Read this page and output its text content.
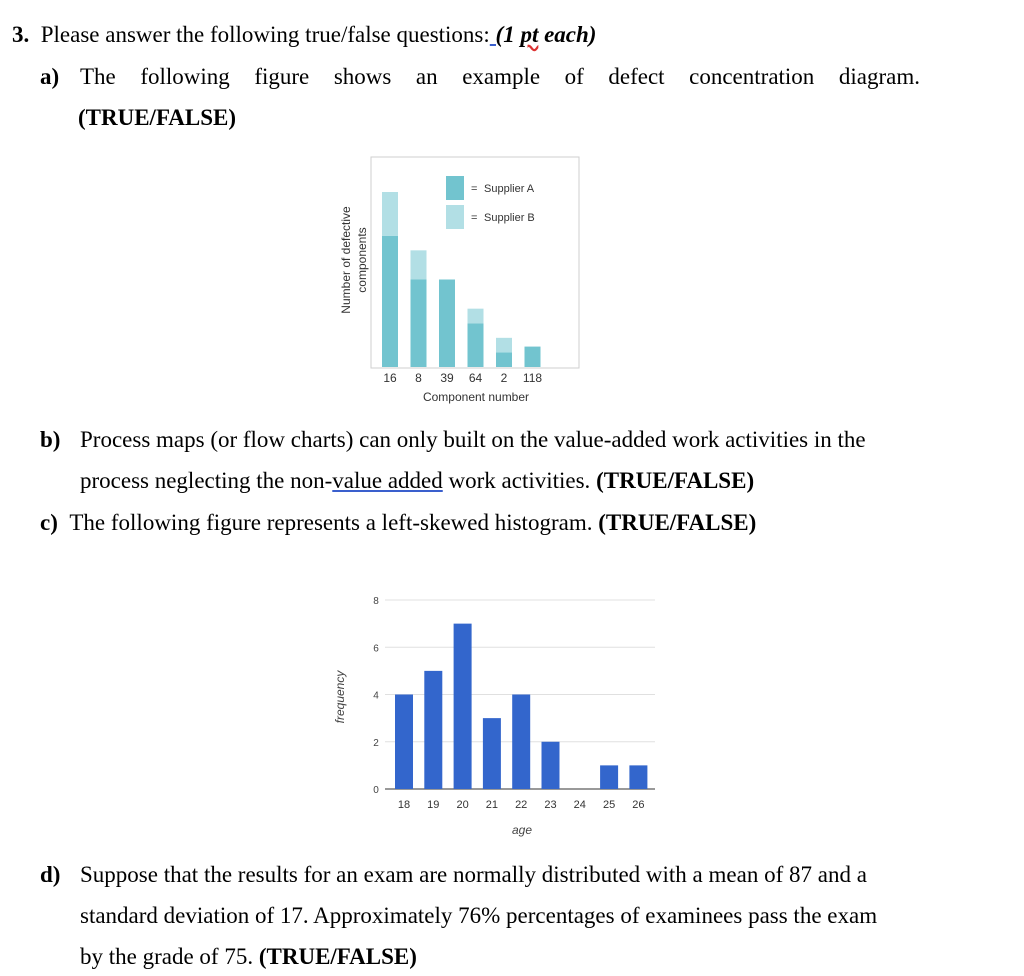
3. Please answer the following true/false questions: (1 pt each)
a) The following figure shows an example of defect concentration diagram.
(TRUE/FALSE)
Number of defective components
16 8 39 64 2 118
= Supplier A
= Supplier B
Component number
b) Process maps (or flow charts) can only built on the value-added work activities in the
process neglecting the non-value added work activities. (TRUE/FALSE)
c) The following figure represents a left-skewed histogram. (TRUE/FALSE)
frequency
0
2
4
6
8
18 19 20 21 22 23 24 25 26
age
d) Suppose that the results for an exam are normally distributed with a mean of 87 and a
standard deviation of 17. Approximately 76% percentages of examinees pass the exam
by the grade of 75. (TRUE/FALSE)
